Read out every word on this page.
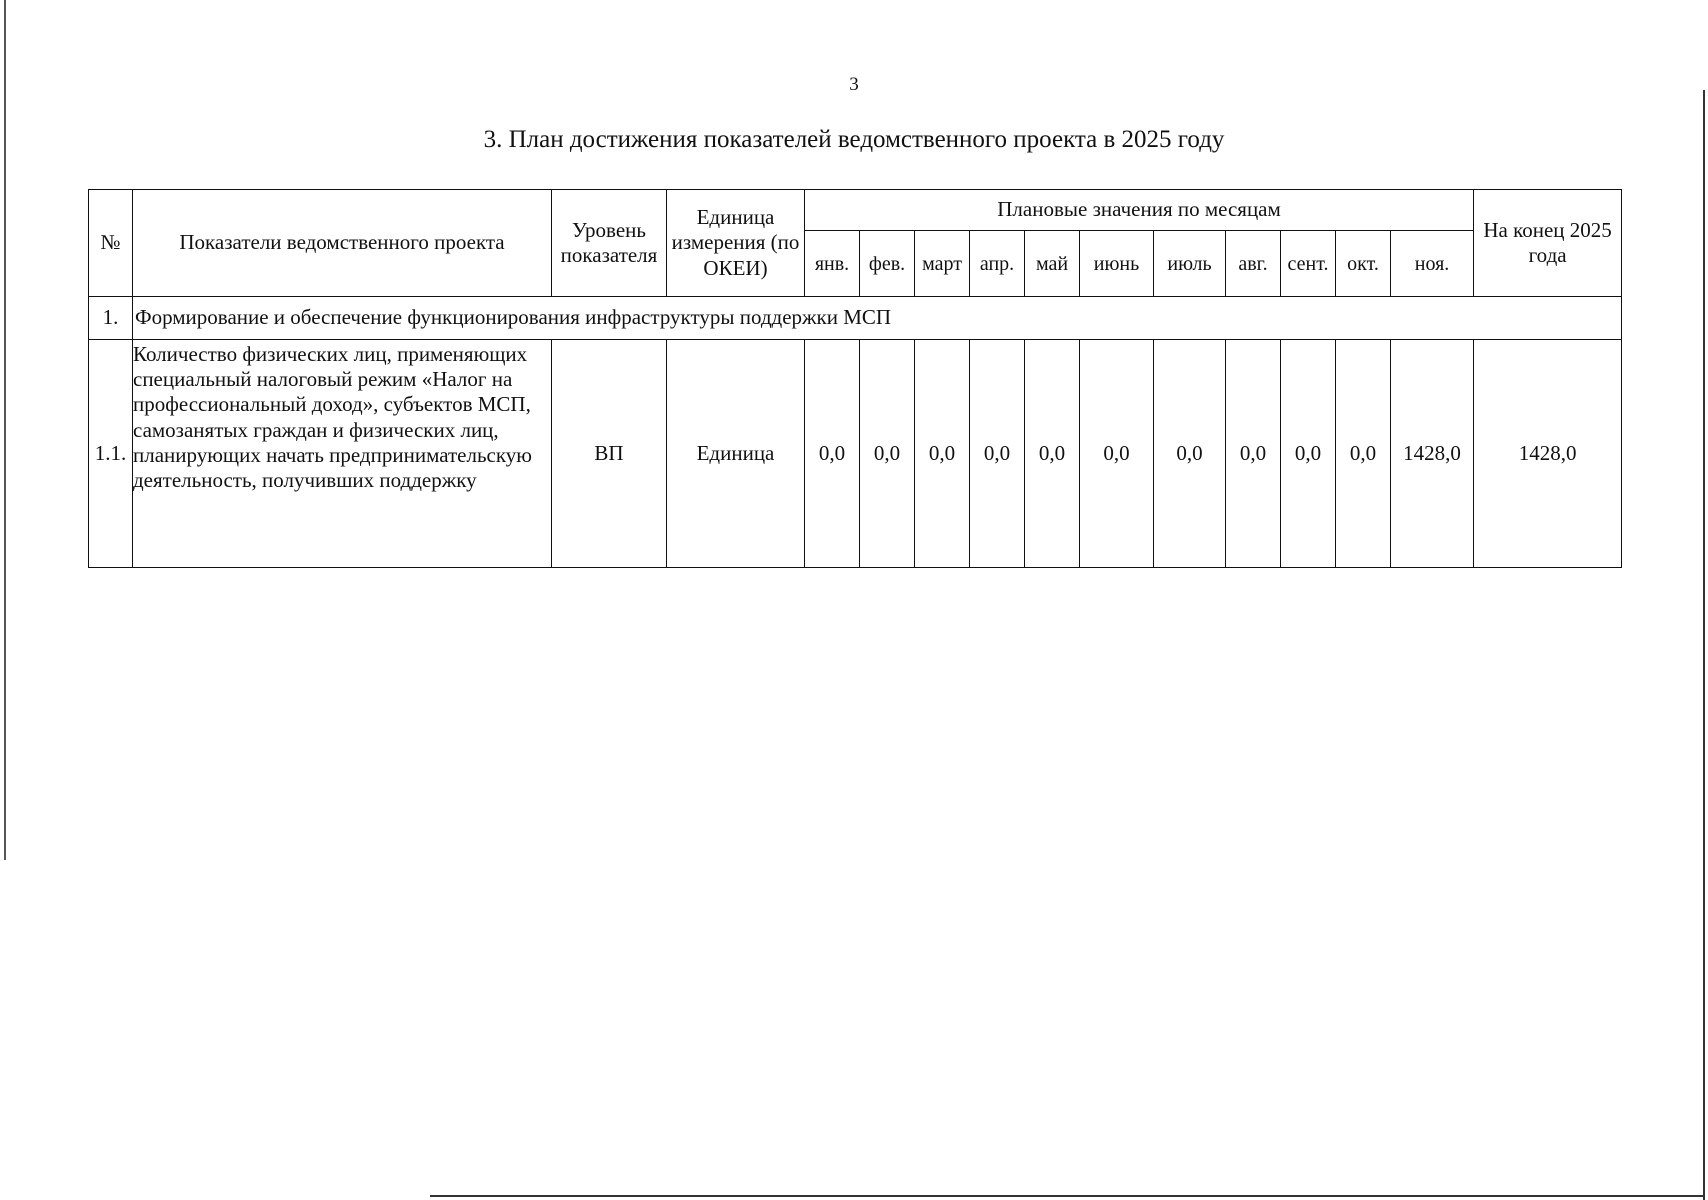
3
3. План достижения показателей ведомственного проекта в 2025 году
№	Показатели ведомственного проекта	Уровень показателя	Единица измерения (по ОКЕИ)	Плановые значения по месяцам											На конец 2025 года
				янв.	фев.	март	апр.	май	июнь	июль	авг.	сент.	окт.	ноя.	
1.	Формирование и обеспечение функционирования инфраструктуры поддержки МСП														
1.1.	Количество физических лиц, применяющих специальный налоговый режим «Налог на профессиональный доход», субъектов МСП, самозанятых граждан и физических лиц, планирующих начать предпринимательскую деятельность, получивших поддержку	ВП	Единица	0,0	0,0	0,0	0,0	0,0	0,0	0,0	0,0	0,0	0,0	1428,0	1428,0
